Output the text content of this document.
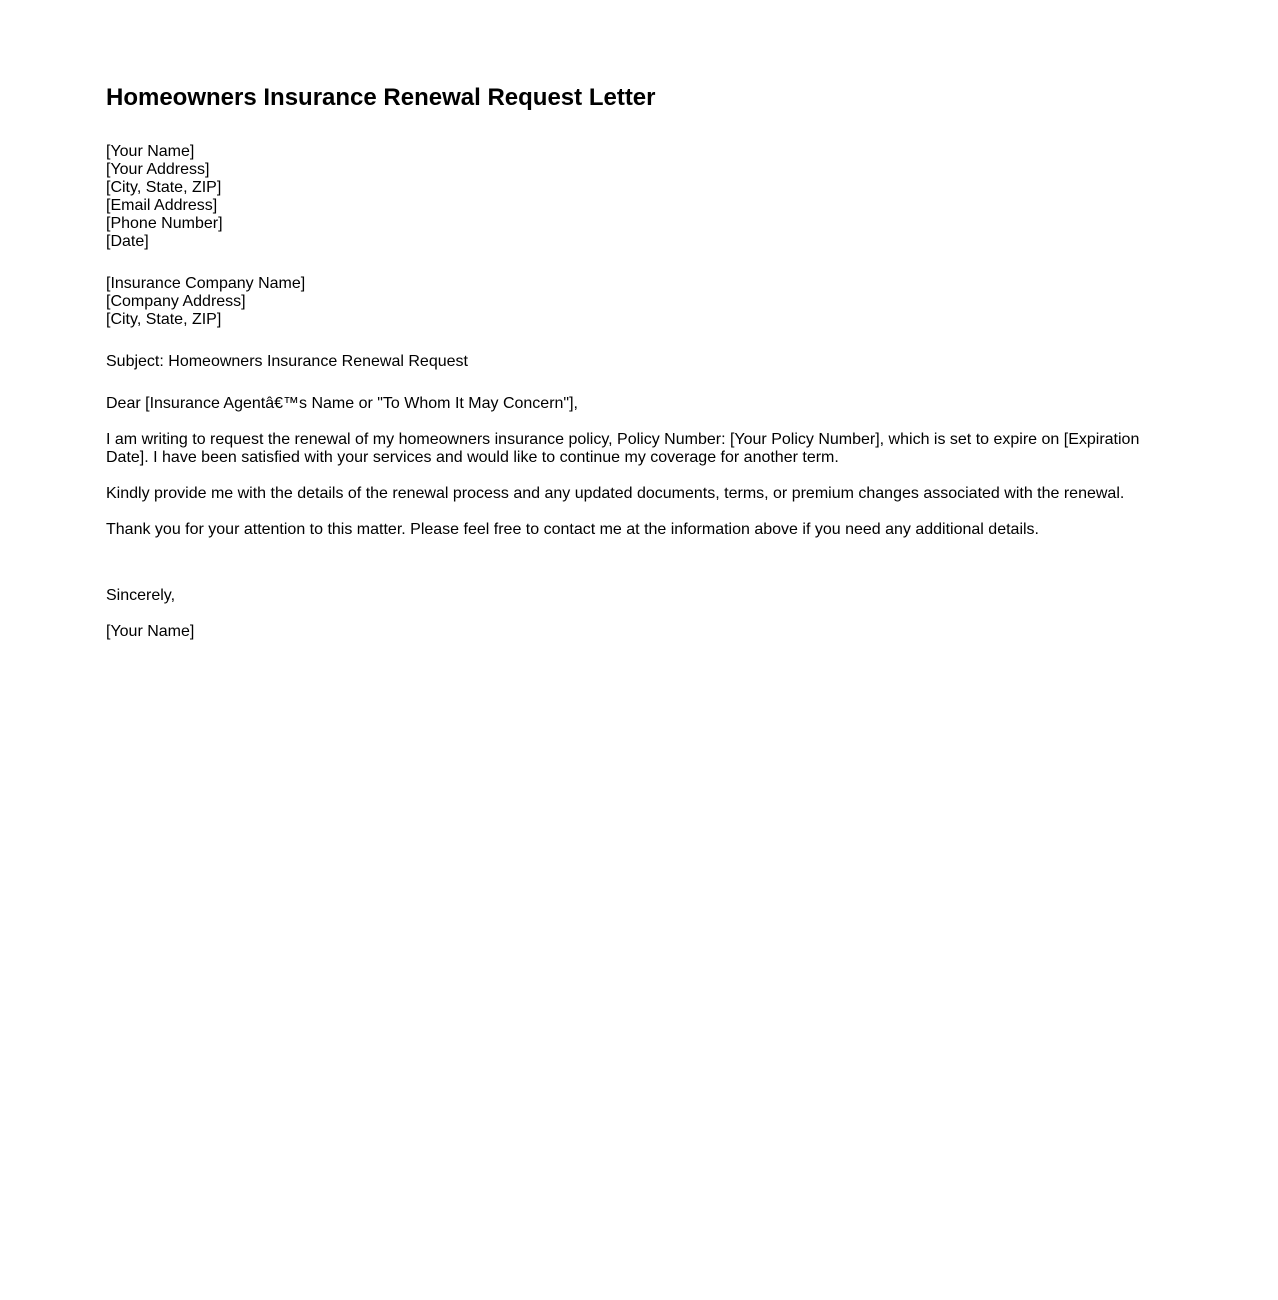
Homeowners Insurance Renewal Request Letter
[Your Name]
[Your Address]
[City, State, ZIP]
[Email Address]
[Phone Number]
[Date]
[Insurance Company Name]
[Company Address]
[City, State, ZIP]

Subject: Homeowners Insurance Renewal Request

Dear [Insurance Agentâ€™s Name or "To Whom It May Concern"],

I am writing to request the renewal of my homeowners insurance policy, Policy Number: [Your Policy Number], which is set to expire on [Expiration Date]. I have been satisfied with your services and would like to continue my coverage for another term.

Kindly provide me with the details of the renewal process and any updated documents, terms, or premium changes associated with the renewal.

Thank you for your attention to this matter. Please feel free to contact me at the information above if you need any additional details.

Sincerely,

[Your Name]
